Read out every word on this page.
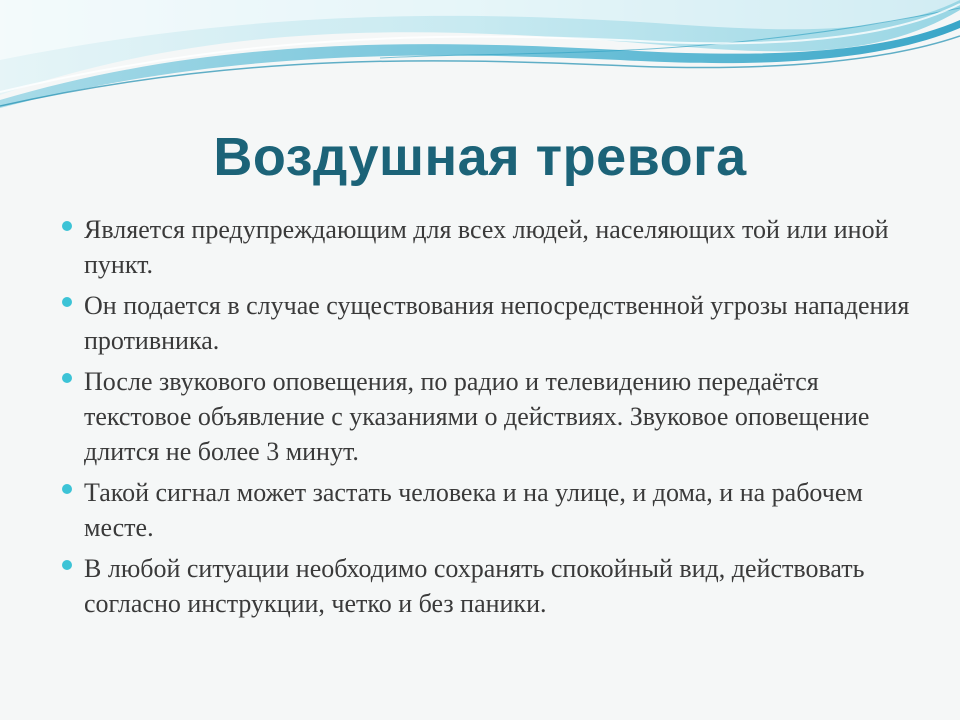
Воздушная тревога
Является предупреждающим для всех людей, населяющих той или иной пункт.
Он подается в случае существования непосредственной угрозы нападения противника.
После звукового оповещения, по радио и телевидению передаётся текстовое объявление с указаниями о действиях. Звуковое оповещение длится не более 3 минут.
Такой сигнал может застать человека и на улице, и дома, и на рабочем месте.
В любой ситуации необходимо сохранять спокойный вид, действовать согласно инструкции, четко и без паники.
